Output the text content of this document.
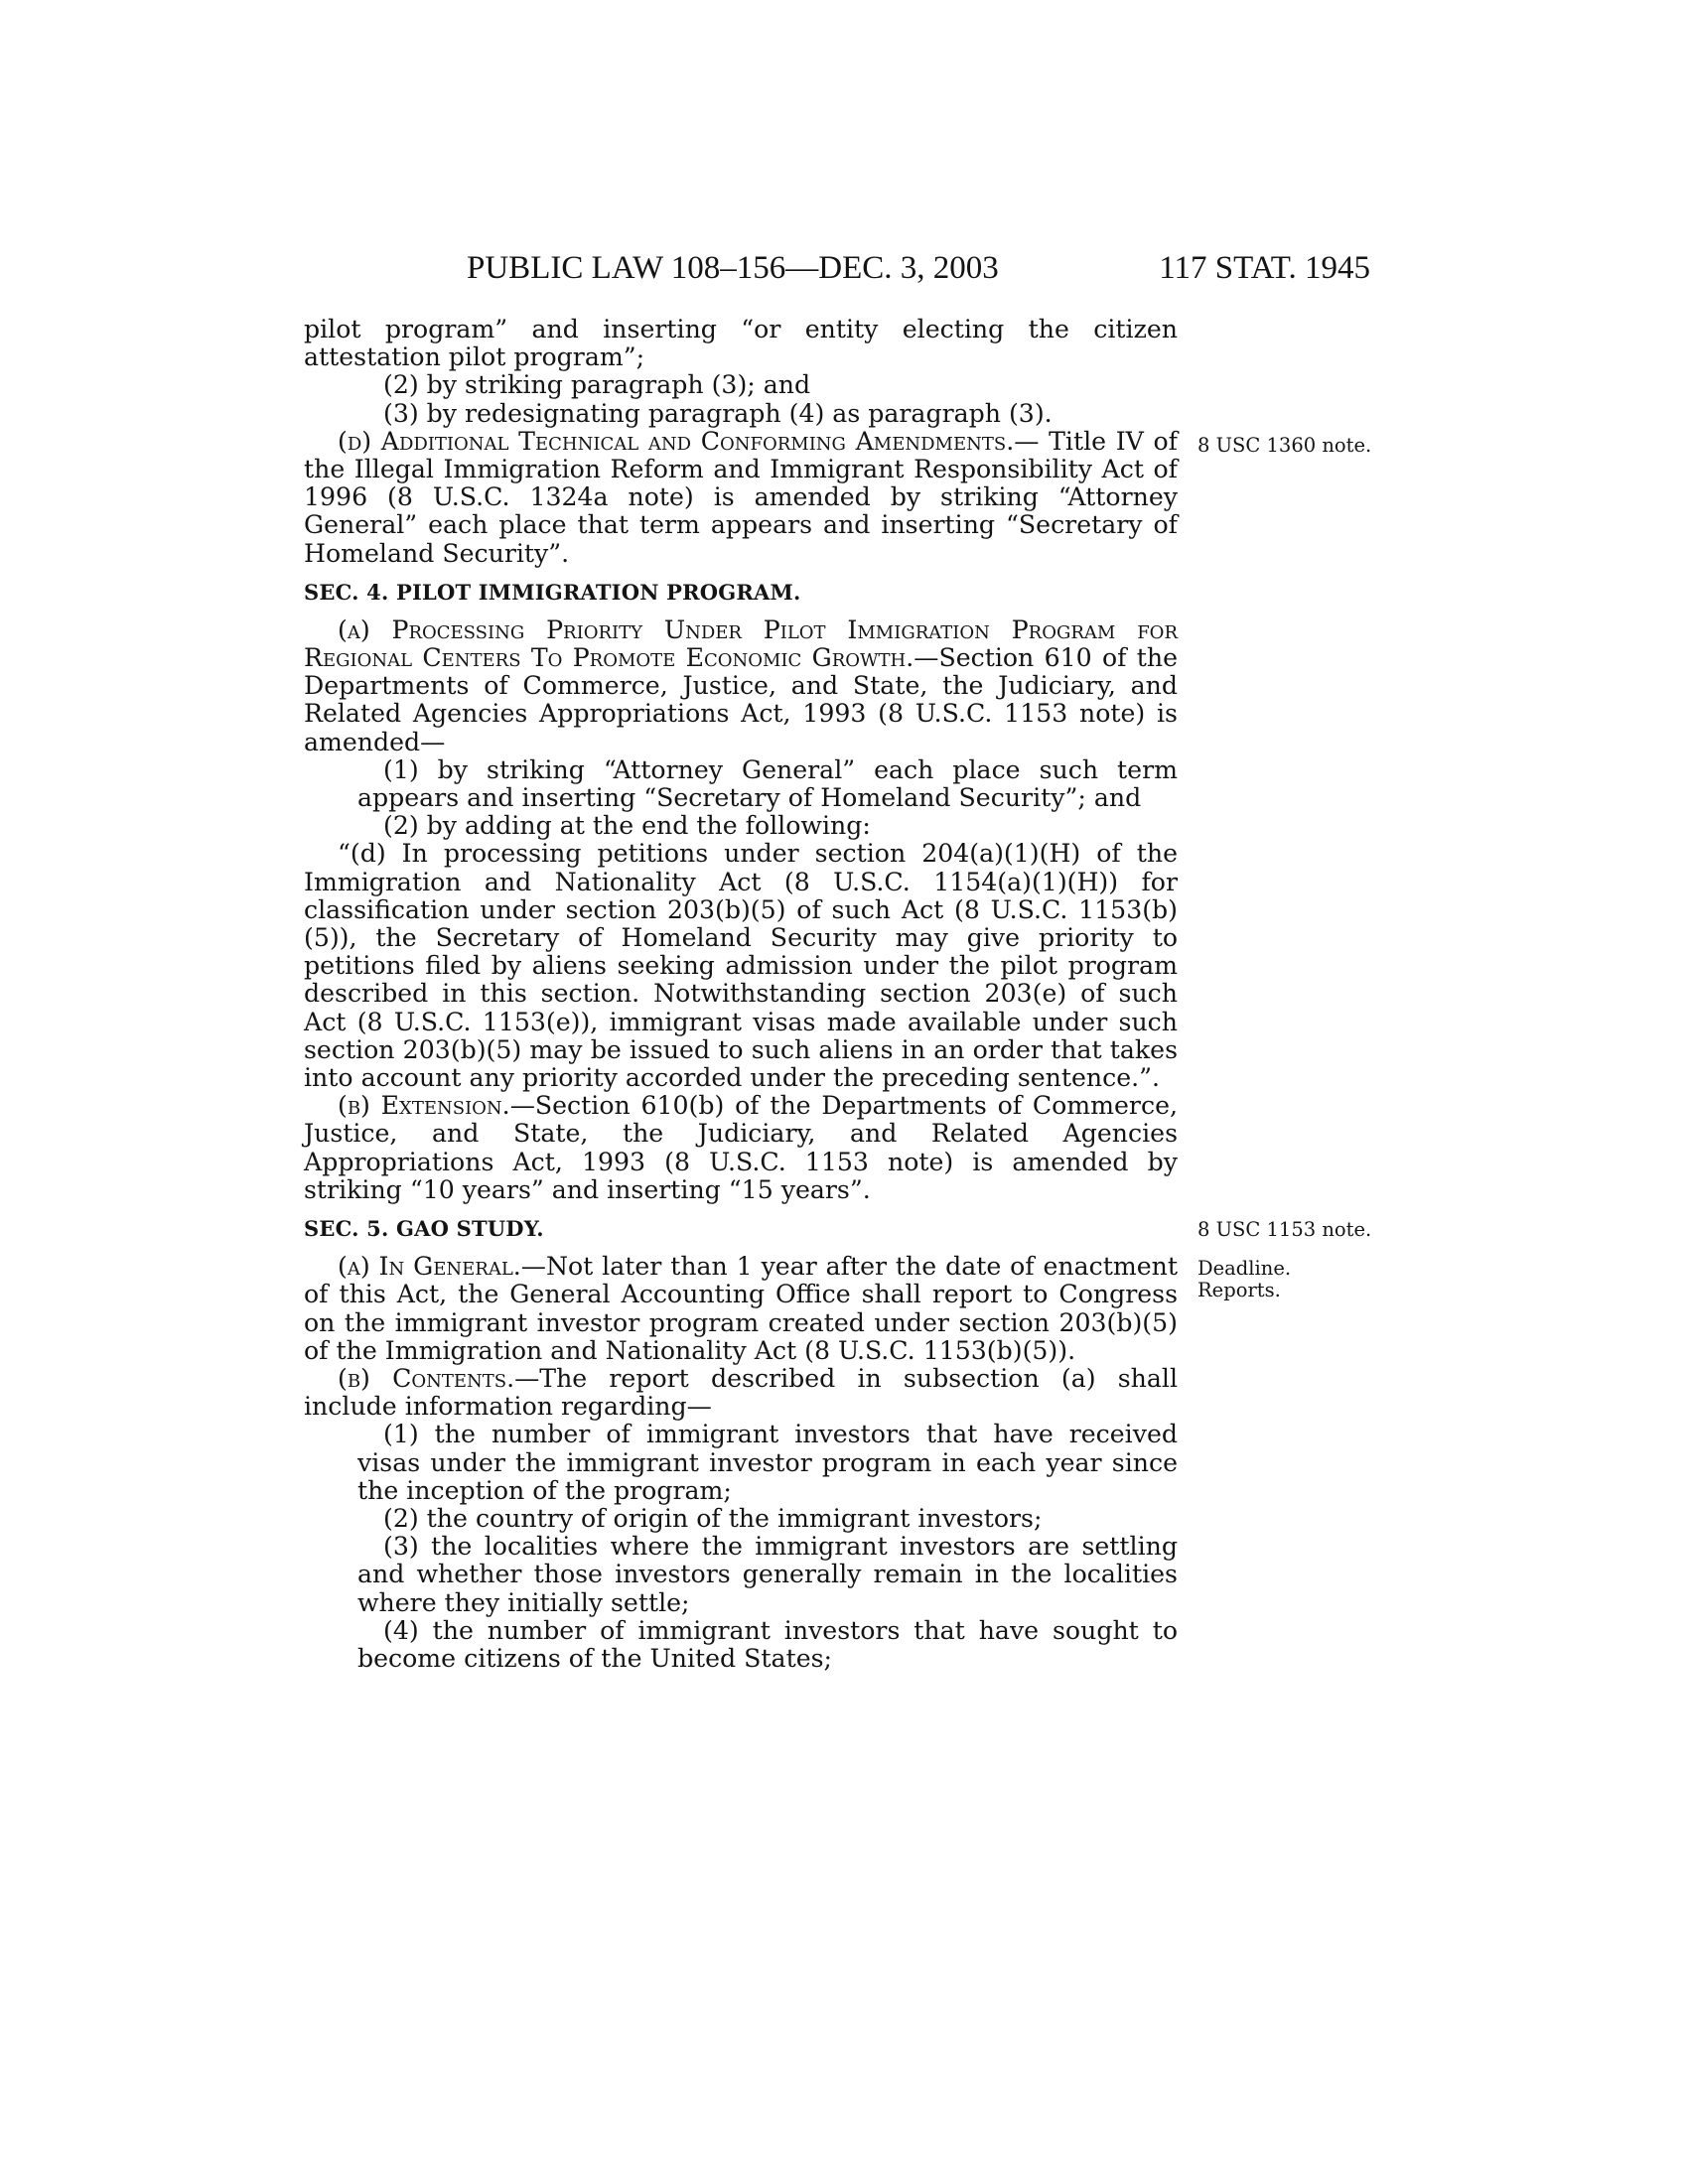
PUBLIC LAW 108–156—DEC. 3, 2003	117 STAT. 1945

pilot program” and inserting “or entity electing the citizen attestation pilot program”;

(2) by striking paragraph (3); and

(3) by redesignating paragraph (4) as paragraph (3).

(d) Additional Technical and Conforming Amendments.— Title IV of the Illegal Immigration Reform and Immigrant Responsibility Act of 1996 (8 U.S.C. 1324a note) is amended by striking “Attorney General” each place that term appears and inserting “Secretary of Homeland Security”.

SEC. 4. PILOT IMMIGRATION PROGRAM.

(a) Processing Priority Under Pilot Immigration Program for Regional Centers To Promote Economic Growth.—Section 610 of the Departments of Commerce, Justice, and State, the Judiciary, and Related Agencies Appropriations Act, 1993 (8 U.S.C. 1153 note) is amended—

(1) by striking “Attorney General” each place such term appears and inserting “Secretary of Homeland Security”; and

(2) by adding at the end the following:

“(d) In processing petitions under section 204(a)(1)(H) of the Immigration and Nationality Act (8 U.S.C. 1154(a)(1)(H)) for classification under section 203(b)(5) of such Act (8 U.S.C. 1153(b)(5)), the Secretary of Homeland Security may give priority to petitions filed by aliens seeking admission under the pilot program described in this section. Notwithstanding section 203(e) of such Act (8 U.S.C. 1153(e)), immigrant visas made available under such section 203(b)(5) may be issued to such aliens in an order that takes into account any priority accorded under the preceding sentence.”.

(b) Extension.—Section 610(b) of the Departments of Commerce, Justice, and State, the Judiciary, and Related Agencies Appropriations Act, 1993 (8 U.S.C. 1153 note) is amended by striking “10 years” and inserting “15 years”.

SEC. 5. GAO STUDY.

(a) In General.—Not later than 1 year after the date of enactment of this Act, the General Accounting Office shall report to Congress on the immigrant investor program created under section 203(b)(5) of the Immigration and Nationality Act (8 U.S.C. 1153(b)(5)).

(b) Contents.—The report described in subsection (a) shall include information regarding—

(1) the number of immigrant investors that have received visas under the immigrant investor program in each year since the inception of the program;

(2) the country of origin of the immigrant investors;

(3) the localities where the immigrant investors are settling and whether those investors generally remain in the localities where they initially settle;

(4) the number of immigrant investors that have sought to become citizens of the United States;

8 USC 1360 note.
8 USC 1153 note.
Deadline.
Reports.
